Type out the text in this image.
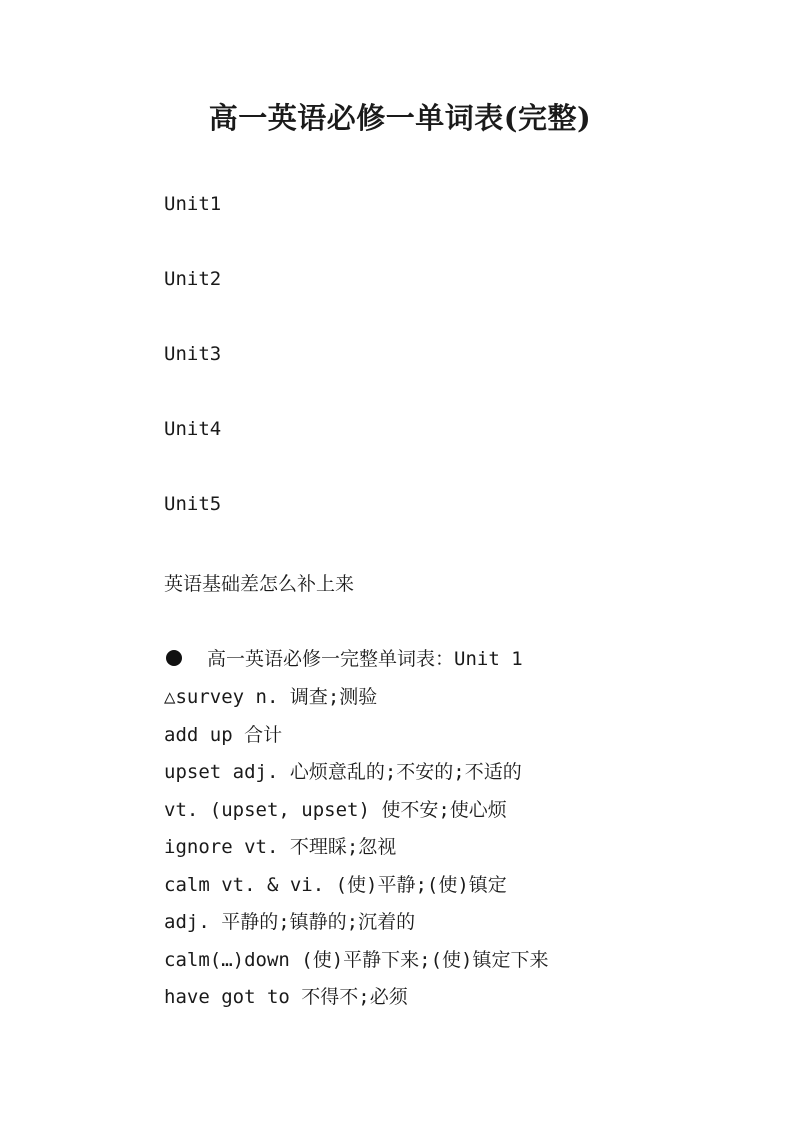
高一英语必修一单词表(完整)
Unit1
Unit2
Unit3
Unit4
Unit5
英语基础差怎么补上来
高一英语必修一完整单词表：Unit 1
△survey n. 调查;测验
add up 合计
upset adj. 心烦意乱的;不安的;不适的
vt. (upset, upset) 使不安;使心烦
ignore vt. 不理睬;忽视
calm vt. & vi. (使)平静;(使)镇定
adj. 平静的;镇静的;沉着的
calm(…)down (使)平静下来;(使)镇定下来
have got to 不得不;必须
